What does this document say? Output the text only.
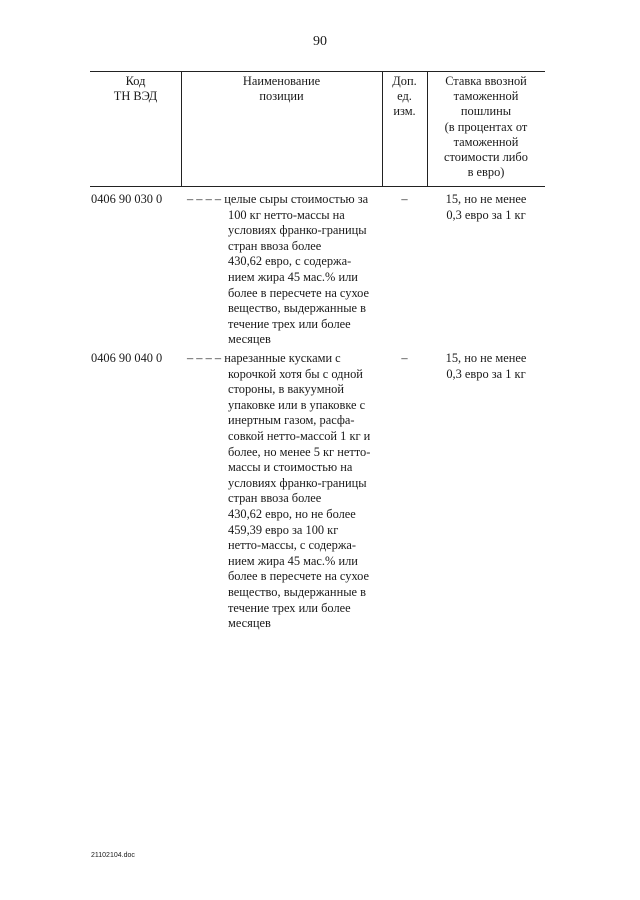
90
Код
ТН ВЭД
Наименование
позиции
Доп.
ед.
изм.
Ставка ввозной
таможенной
пошлины
(в процентах от
таможенной
стоимости либо
в евро)
0406 90 030 0 – – – – целые сыры стоимостью за
100 кг нетто-массы на
условиях франко-границы
стран ввоза более
430,62 евро, с содержа-
нием жира 45 мас.% или
более в пересчете на сухое
вещество, выдержанные в
течение трех или более
месяцев
–	15, но не менее
0,3 евро за 1 кг
0406 90 040 0 – – – – нарезанные кусками с
корочкой хотя бы с одной
стороны, в вакуумной
упаковке или в упаковке с
инертным газом, расфа-
совкой нетто-массой 1 кг и
более, но менее 5 кг нетто-
массы и стоимостью на
условиях франко-границы
стран ввоза более
430,62 евро, но не более
459,39 евро за 100 кг
нетто-массы, с содержа-
нием жира 45 мас.% или
более в пересчете на сухое
вещество, выдержанные в
течение трех или более
месяцев
–	15, но не менее
0,3 евро за 1 кг
21102104.doc
